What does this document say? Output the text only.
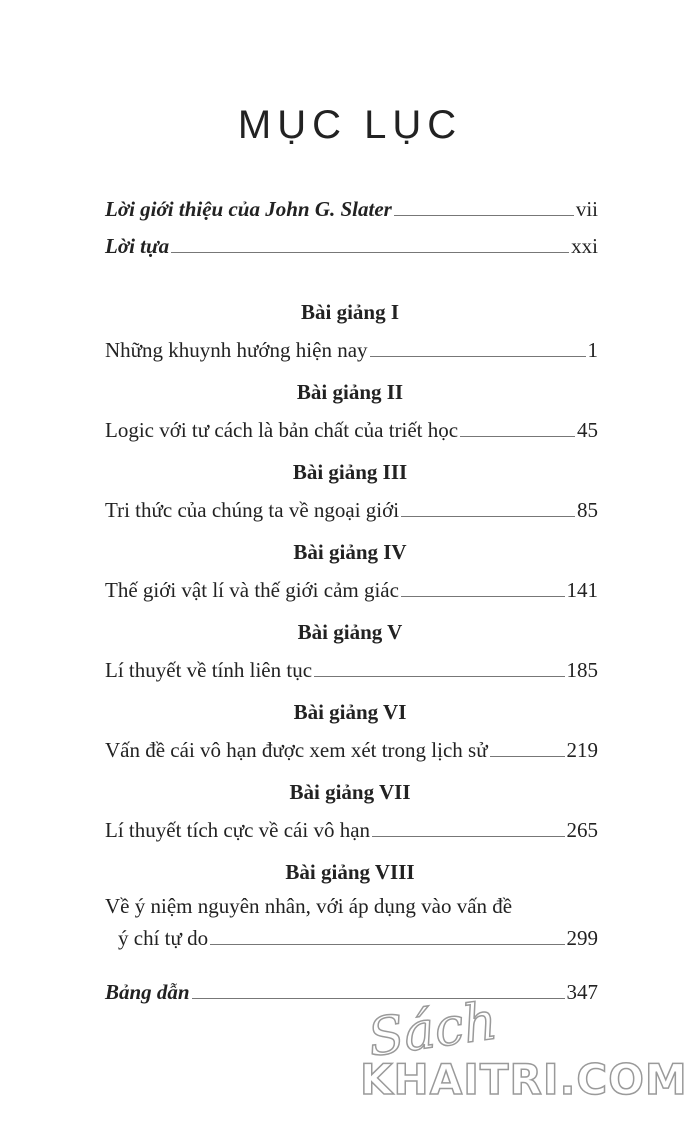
MỤC LỤC
Lời giới thiệu của John G. Slater	vii
Lời tựa	xxi
Bài giảng I
Những khuynh hướng hiện nay	1
Bài giảng II
Logic với tư cách là bản chất của triết học	45
Bài giảng III
Tri thức của chúng ta về ngoại giới	85
Bài giảng IV
Thế giới vật lí và thế giới cảm giác	141
Bài giảng V
Lí thuyết về tính liên tục	185
Bài giảng VI
Vấn đề cái vô hạn được xem xét trong lịch sử	219
Bài giảng VII
Lí thuyết tích cực về cái vô hạn	265
Bài giảng VIII
Về ý niệm nguyên nhân, với áp dụng vào vấn đề
ý chí tự do	299
Bảng dẫn	347
Sách
KHAITRI.COM
